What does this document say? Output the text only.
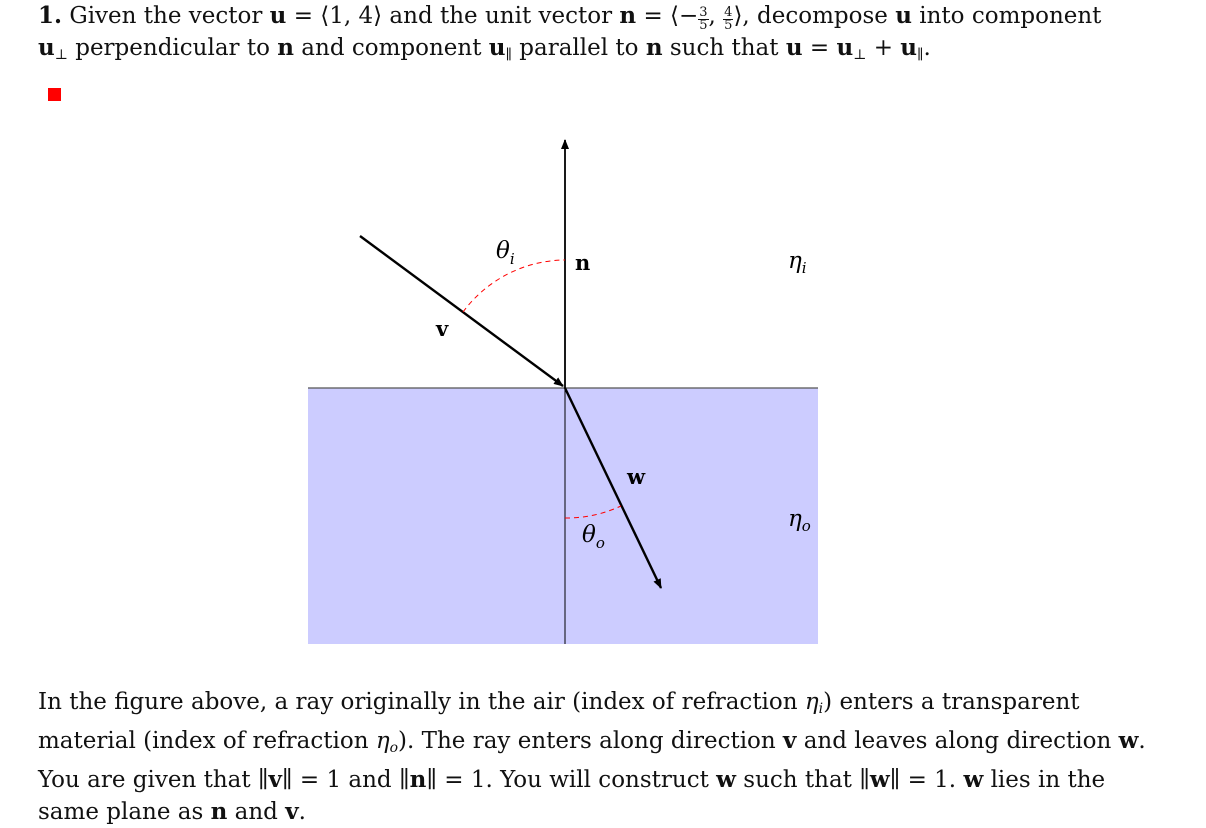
1. Given the vector u = ⟨1, 4⟩ and the unit vector n = ⟨− $\frac{3}{5}$ , $\frac{4}{5}$ ⟩, decompose u into component
$u_\perp$ perpendicular to n and component $u_\parallel$ parallel to n such that $u = u_\perp + u_\parallel$.
n
v
w
$\theta_i$
$\theta_o$
$\eta_i$
$\eta_o$
In the figure above, a ray originally in the air (index of refraction $\eta_i$) enters a transparent material (index of refraction $\eta_o$). The ray enters along direction v and leaves along direction w. You are given that ∥v∥ = 1 and ∥n∥ = 1. You will construct w such that ∥w∥ = 1. w lies in the same plane as n and v.
